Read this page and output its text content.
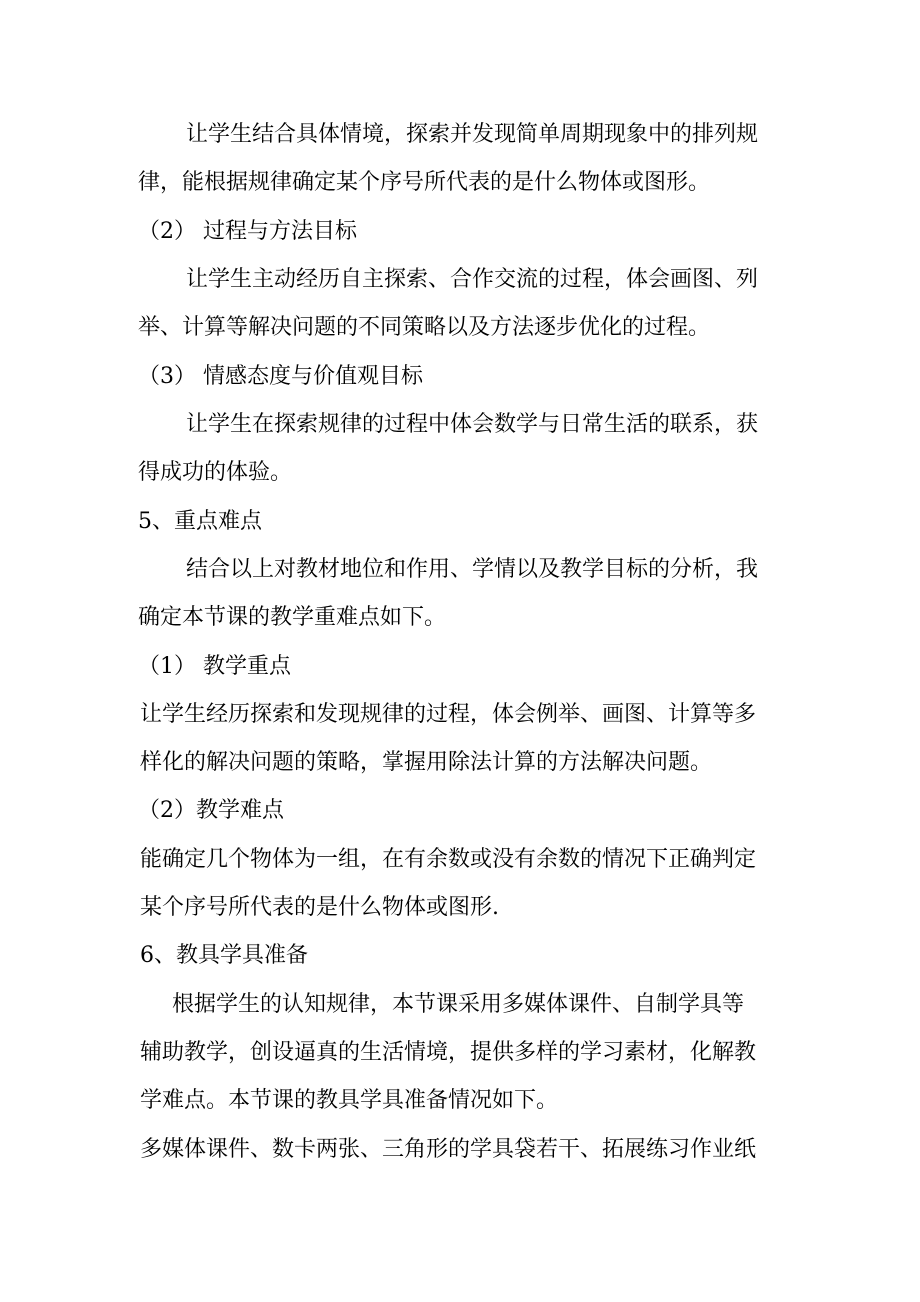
让学生结合具体情境，探索并发现简单周期现象中的排列规
律，能根据规律确定某个序号所代表的是什么物体或图形。
（2） 过程与方法目标
让学生主动经历自主探索、合作交流的过程，体会画图、列
举、计算等解决问题的不同策略以及方法逐步优化的过程。
（3） 情感态度与价值观目标
让学生在探索规律的过程中体会数学与日常生活的联系，获
得成功的体验。
5、重点难点
结合以上对教材地位和作用、学情以及教学目标的分析，我
确定本节课的教学重难点如下。
（1） 教学重点
让学生经历探索和发现规律的过程，体会例举、画图、计算等多
样化的解决问题的策略，掌握用除法计算的方法解决问题。
（2）教学难点
能确定几个物体为一组，在有余数或没有余数的情况下正确判定
某个序号所代表的是什么物体或图形.
6、教具学具准备
根据学生的认知规律，本节课采用多媒体课件、自制学具等
辅助教学，创设逼真的生活情境，提供多样的学习素材，化解教
学难点。本节课的教具学具准备情况如下。
多媒体课件、数卡两张、三角形的学具袋若干、拓展练习作业纸
